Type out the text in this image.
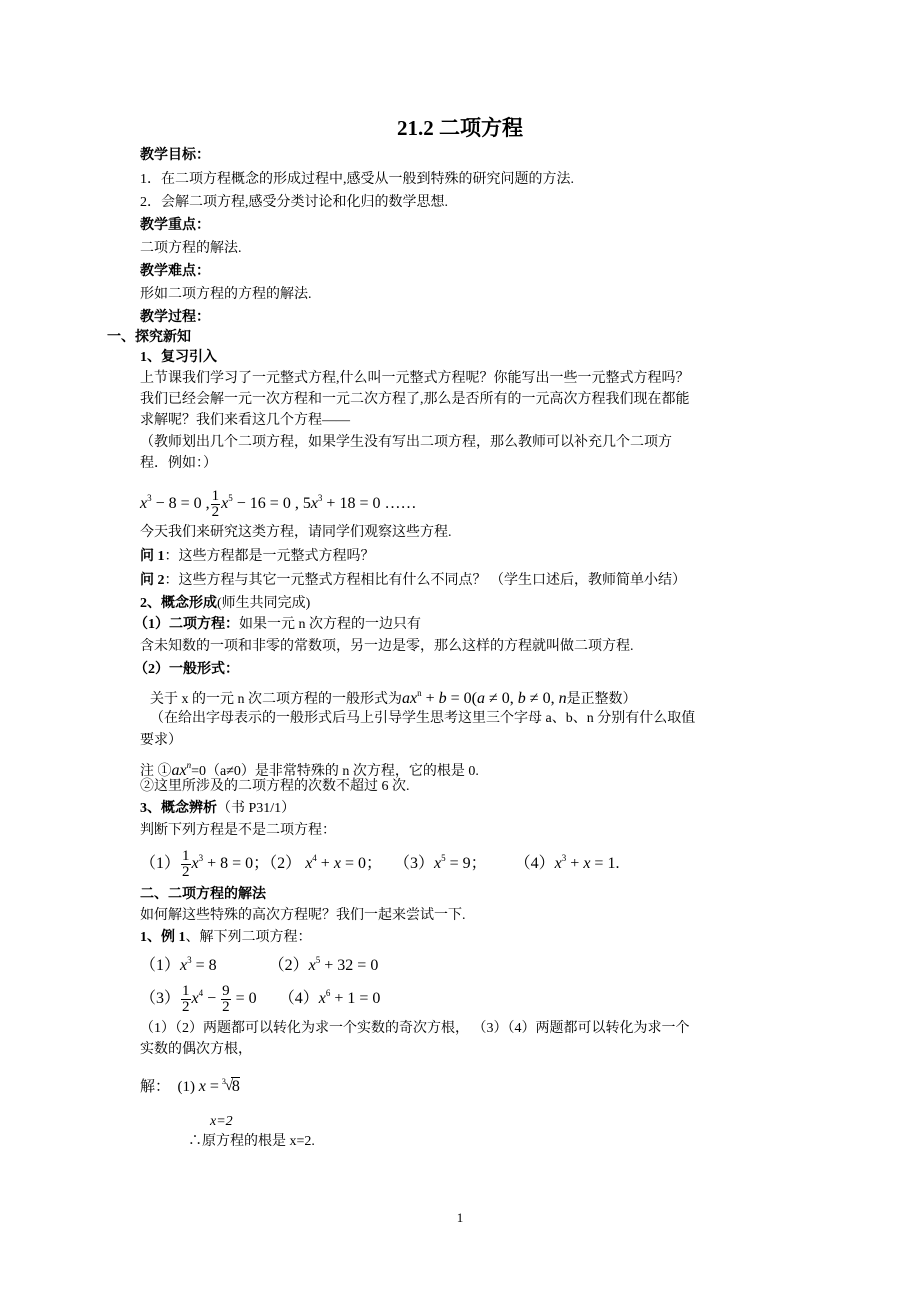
21.2 二项方程
教学目标：
1．在二项方程概念的形成过程中,感受从一般到特殊的研究问题的方法.
2．会解二项方程,感受分类讨论和化归的数学思想.
教学重点：
二项方程的解法.
教学难点：
形如二项方程的方程的解法.
教学过程：
一、探究新知
1、复习引入
上节课我们学习了一元整式方程,什么叫一元整式方程呢？你能写出一些一元整式方程吗？
我们已经会解一元一次方程和一元二次方程了,那么是否所有的一元高次方程我们现在都能
求解呢？我们来看这几个方程——
（教师划出几个二项方程，如果学生没有写出二项方程，那么教师可以补充几个二项方
程．例如：）
$x^3 - 8 = 0$ , $\frac{1}{2} x^5 - 16 = 0$ , $5x^3 + 18 = 0$ ……
今天我们来研究这类方程，请同学们观察这些方程.
问 1：这些方程都是一元整式方程吗？
问 2：这些方程与其它一元整式方程相比有什么不同点？ （学生口述后，教师简单小结）
2、概念形成(师生共同完成)
（1）二项方程：如果一元 n 次方程的一边只有
含未知数的一项和非零的常数项，另一边是零，那么这样的方程就叫做二项方程.
（2）一般形式：
关于 x 的一元 n 次二项方程的一般形式为$ax^n + b = 0(a \ne 0$, b ≠ 0, n是正整数）
（在给出字母表示的一般形式后马上引导学生思考这里三个字母 a、b、n 分别有什么取值
要求）
注 $①ax^n=0(a\ne 0)$是非常特殊的 n 次方程，它的根是 0.
②这里所涉及的二项方程的次数不超过 6 次.
3、概念辨析（书 P31/1）
判断下列方程是不是二项方程：
$(1) \frac{1}{2} x^3 + 8 = 0$；（2） $x^4 + x = 0$； $(3)x^5 = 9$； $(4)x^3 + x = 1$.
二、二项方程的解法
如何解这些特殊的高次方程呢？我们一起来尝试一下.
1、例 1、解下列二项方程：
$(1)x^3 = 8$	$(2)x^5 + 32 = 0$
$(3) \frac{1}{2} x^4 - \frac{9}{2} = 0$ $(4)x^6 + 1 = 0$
（1）（2）两题都可以转化为求一个实数的奇次方根， （3）（4）两题都可以转化为求一个
实数的偶次方根，
解： (1) x = 3 √
8
x=2
∴原方程的根是 x=2.
1
